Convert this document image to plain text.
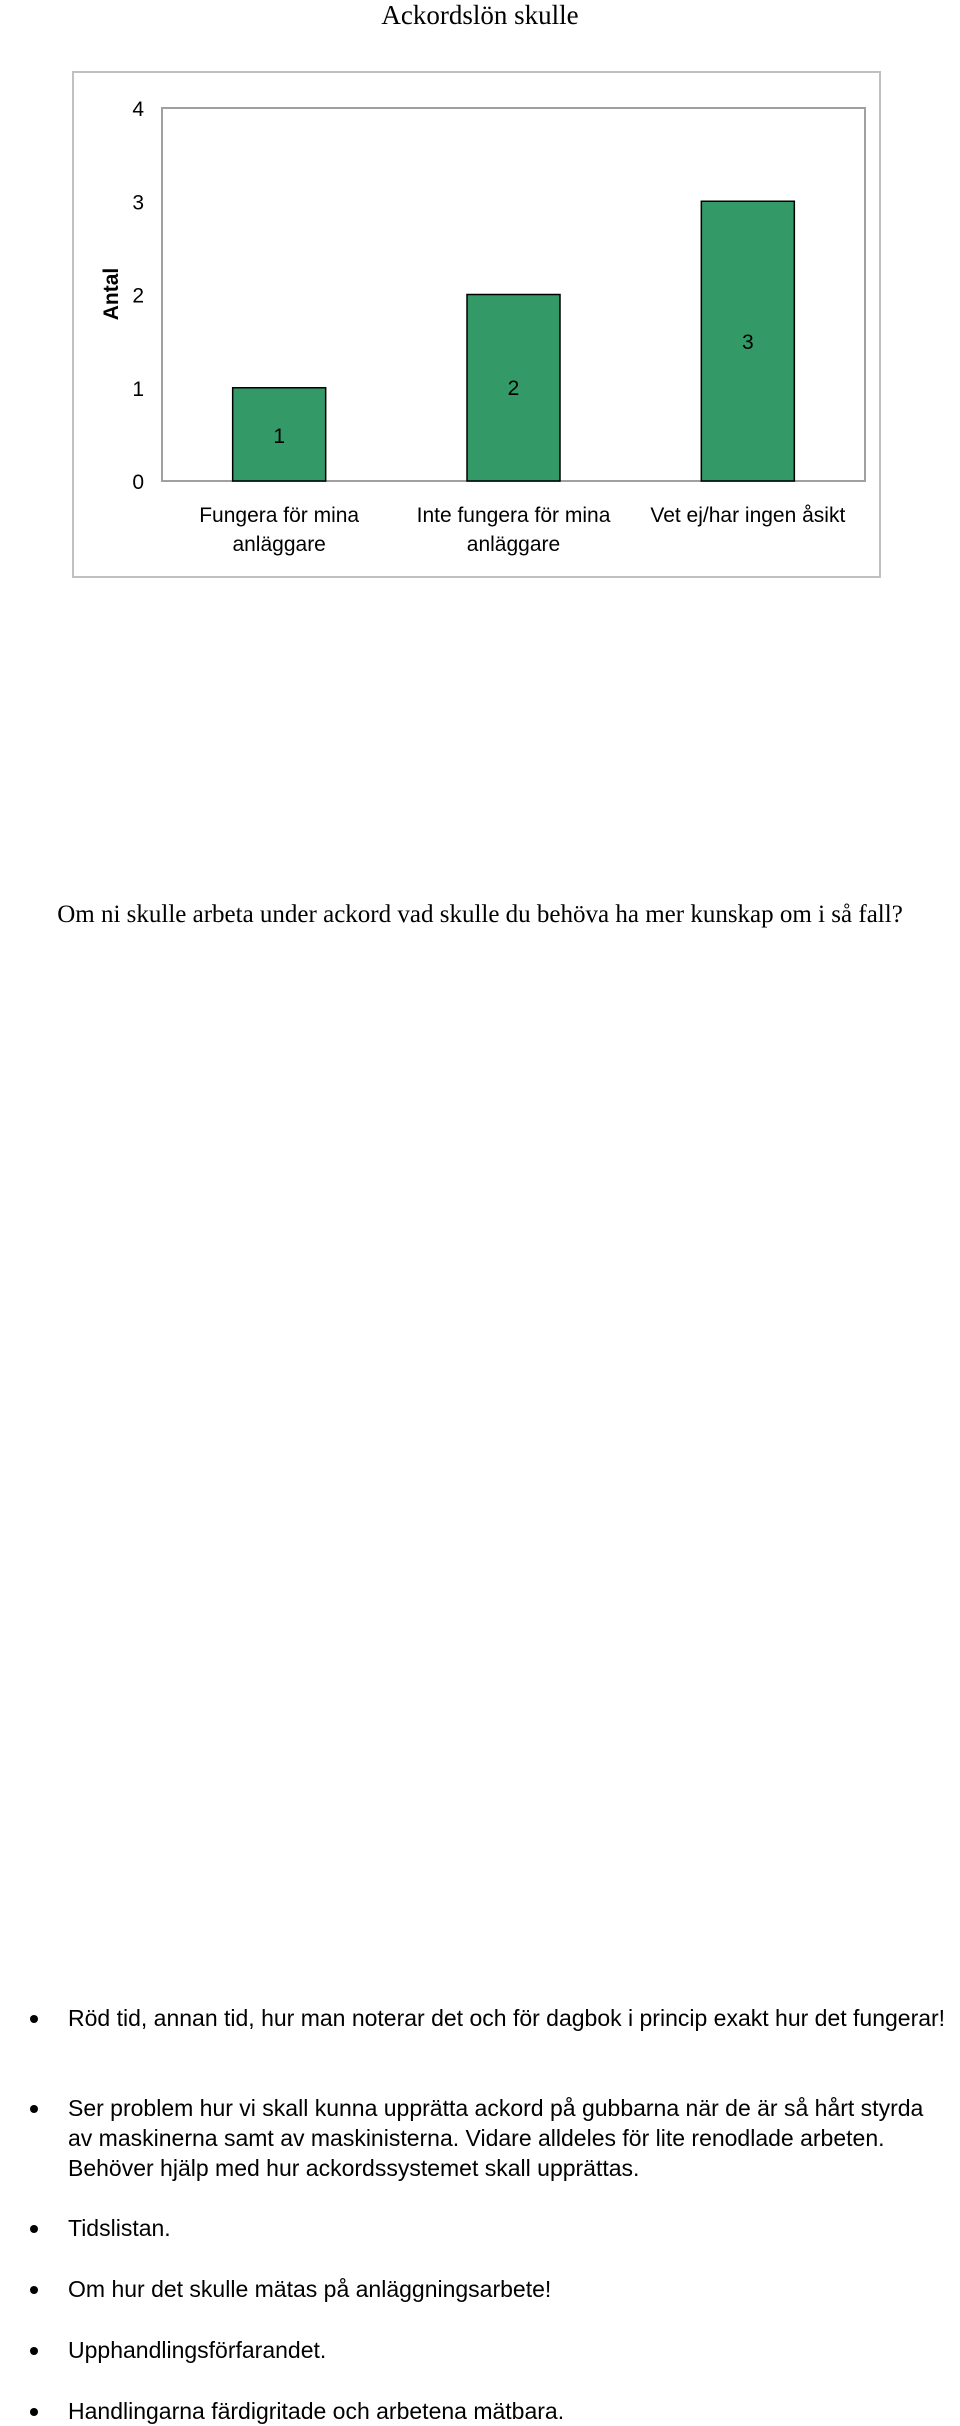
Ackordslön skulle
0
1
2
3
4
1
2
3
Fungera för mina
anläggare
Inte fungera för mina
anläggare
Vet ej/har ingen åsikt
Antal
Om ni skulle arbeta under ackord vad skulle du behöva ha mer kunskap om i så fall?
Röd tid, annan tid, hur man noterar det och för dagbok i princip exakt hur det fungerar!
Ser problem hur vi skall kunna upprätta ackord på gubbarna när de är så hårt styrda av maskinerna samt av maskinisterna. Vidare alldeles för lite renodlade arbeten. Behöver hjälp med hur ackordssystemet skall upprättas.
Tidslistan.
Om hur det skulle mätas på anläggningsarbete!
Upphandlingsförfarandet.
Handlingarna färdigritade och arbetena mätbara.
